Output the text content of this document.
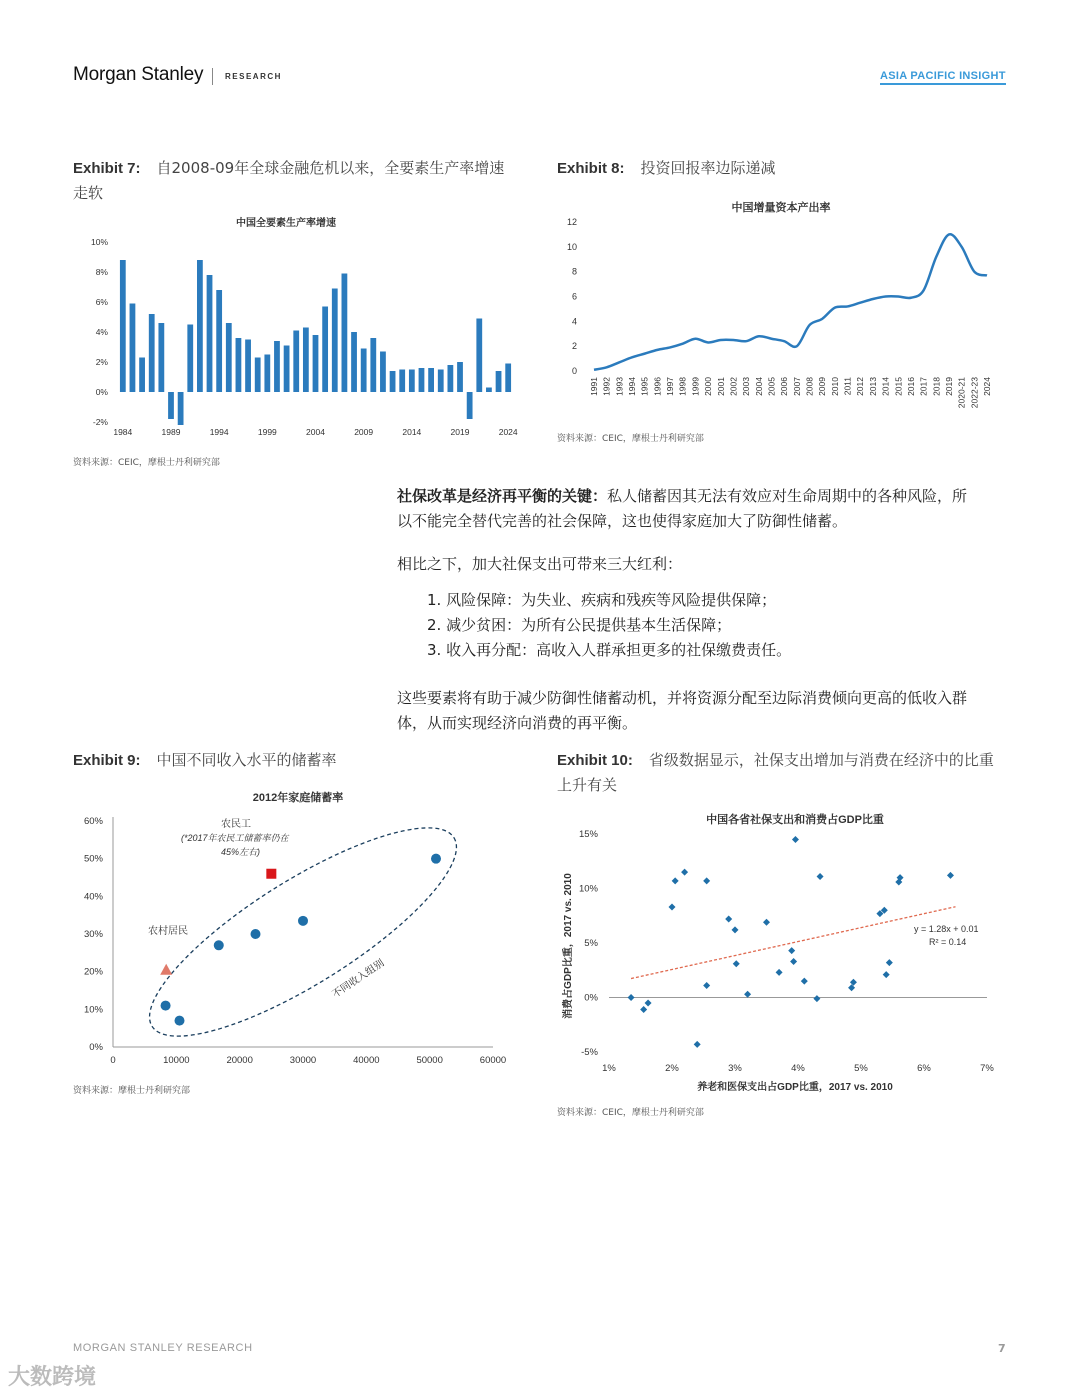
Morgan Stanley	RESEARCH	ASIA PACIFIC INSIGHT
Exhibit 7: 自2008-09年全球金融危机以来，全要素生产率增速
走软
中国全要素生产率增速
10%
8%
6%
4%
2%
0%
-2%
1984	1989	1994	1999	2004	2009	2014	2019	2024
资料来源：CEIC，摩根士丹利研究部
Exhibit 8: 投资回报率边际递减
中国增量资本产出率
12
10
8
6
4
2
0
1991 1992 1993 1994 1995 1996 1997 1998 1999 2000 2001 2002 2003 2004 2005 2006 2007 2008 2009 2010 2011 2012 2013 2014 2015 2016 2017 2018 2019 2020-21 2022-23 2024
资料来源：CEIC，摩根士丹利研究部
社保改革是经济再平衡的关键：私人储蓄因其无法有效应对生命周期中的各种风险，所
以不能完全替代完善的社会保障，这也使得家庭加大了防御性储蓄。
相比之下，加大社保支出可带来三大红利：
1. 风险保障：为失业、疾病和残疾等风险提供保障；
2. 减少贫困：为所有公民提供基本生活保障；
3. 收入再分配：高收入人群承担更多的社保缴费责任。
这些要素将有助于减少防御性储蓄动机，并将资源分配至边际消费倾向更高的低收入群
体，从而实现经济向消费的再平衡。
Exhibit 9: 中国不同收入水平的储蓄率
2012年家庭储蓄率
60%
50%
40%
30%
20%
10%
0%
0	10000	20000	30000	40000	50000	60000
农民工
(*2017年农民工储蓄率仍在
45%左右)
农村居民
不同收入组别
资料来源：摩根士丹利研究部
Exhibit 10: 省级数据显示，社保支出增加与消费在经济中的比重
上升有关
中国各省社保支出和消费占GDP比重
15%
10%
5%
0%
-5%
1%	2%	3%	4%	5%	6%	7%
y = 1.28x + 0.01
R² = 0.14
养老和医保支出占GDP比重，2017 vs. 2010
消费占GDP比重，2017 vs. 2010
资料来源：CEIC，摩根士丹利研究部
MORGAN STANLEY RESEARCH	7
大数跨境
